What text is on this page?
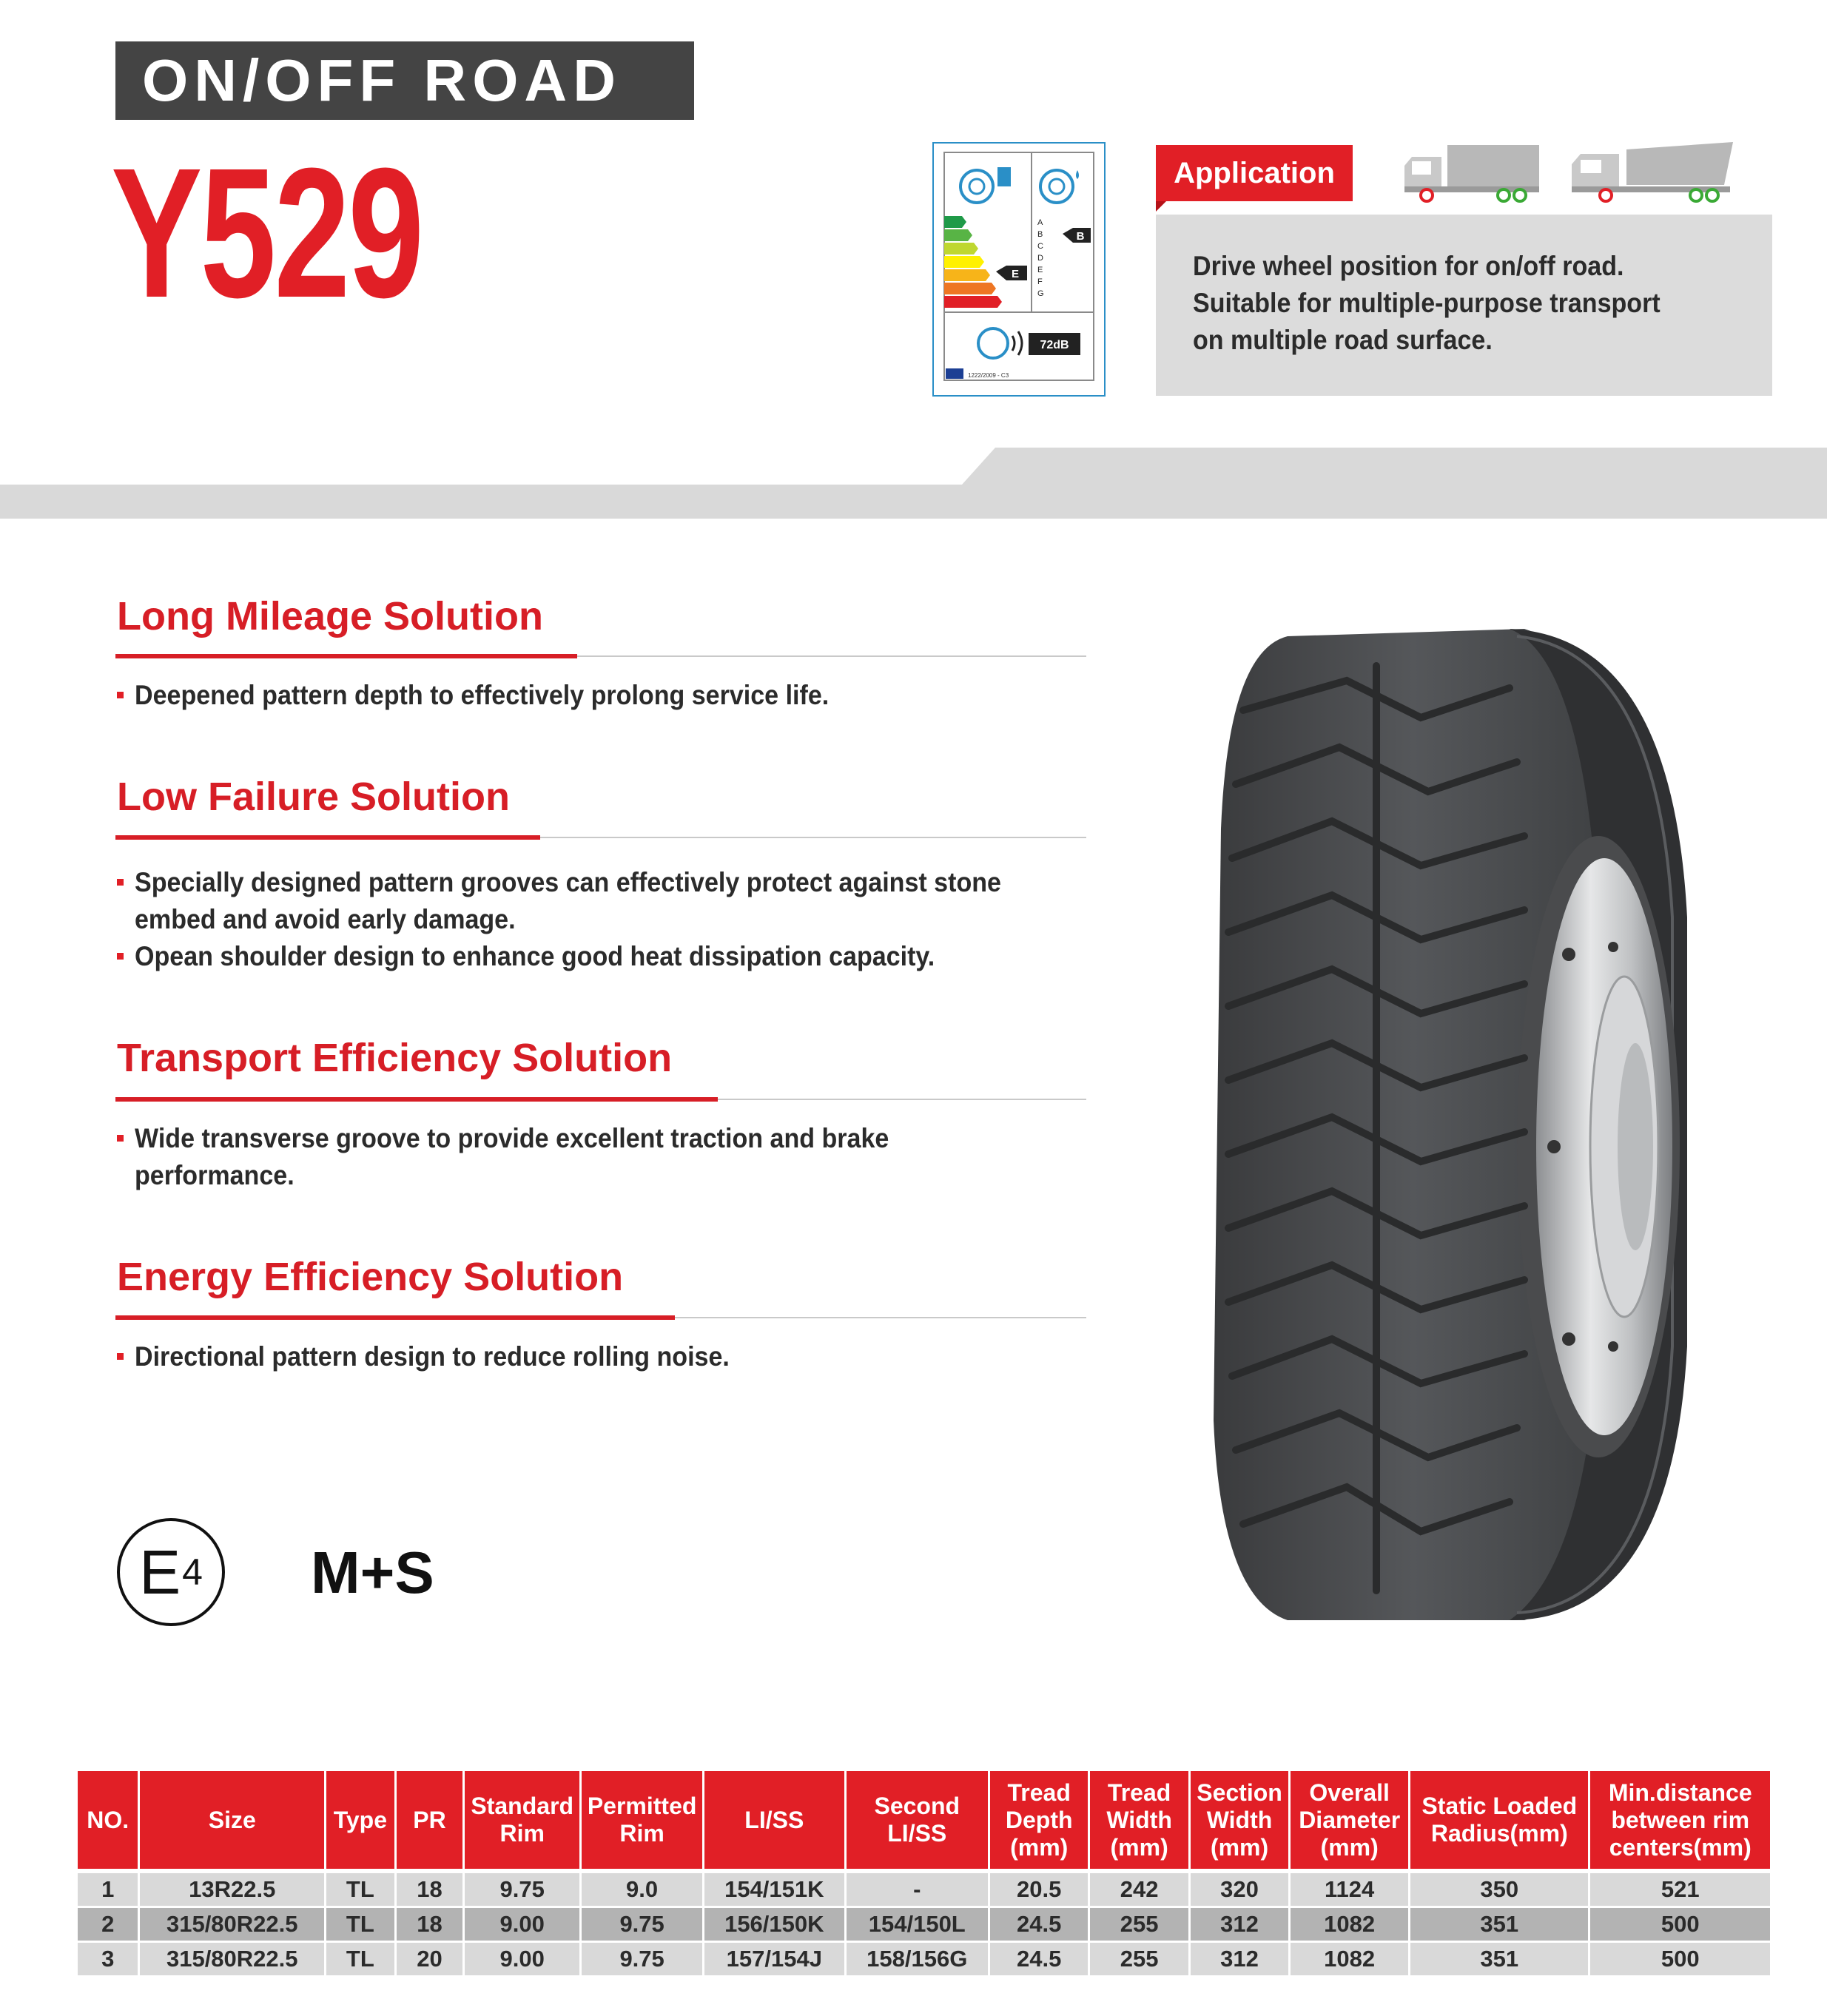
ON/OFF ROAD
Y529	E
A
B
C
D
E
F
G
B
72dB
1222/2009 - C3
Application
Drive wheel position for on/off road.
Suitable for multiple-purpose transport
on multiple road surface.
Long Mileage Solution
Deepened pattern depth to effectively prolong service life.
Low Failure Solution
Specially designed pattern grooves can effectively protect against stone embed and avoid early damage.
Opean shoulder design to enhance good heat dissipation capacity.
Transport Efficiency Solution
Wide transverse groove to provide excellent traction and brake performance.
Energy Efficiency Solution
Directional pattern design to reduce rolling noise.
E 4 M+S
NO.	Size	Type	PR	Standard Rim	Permitted Rim	LI/SS	Second LI/SS	Tread Depth (mm)	Tread Width (mm)	Section Width (mm)	Overall Diameter (mm)	Static Loaded Radius(mm)	Min.distance between rim centers(mm)
1	13R22.5	TL	18	9.75	9.0	154/151K	-	20.5	242	320	1124	350	521
2	315/80R22.5	TL	18	9.00	9.75	156/150K	154/150L	24.5	255	312	1082	351	500
3	315/80R22.5	TL	20	9.00	9.75	157/154J	158/156G	24.5	255	312	1082	351	500
